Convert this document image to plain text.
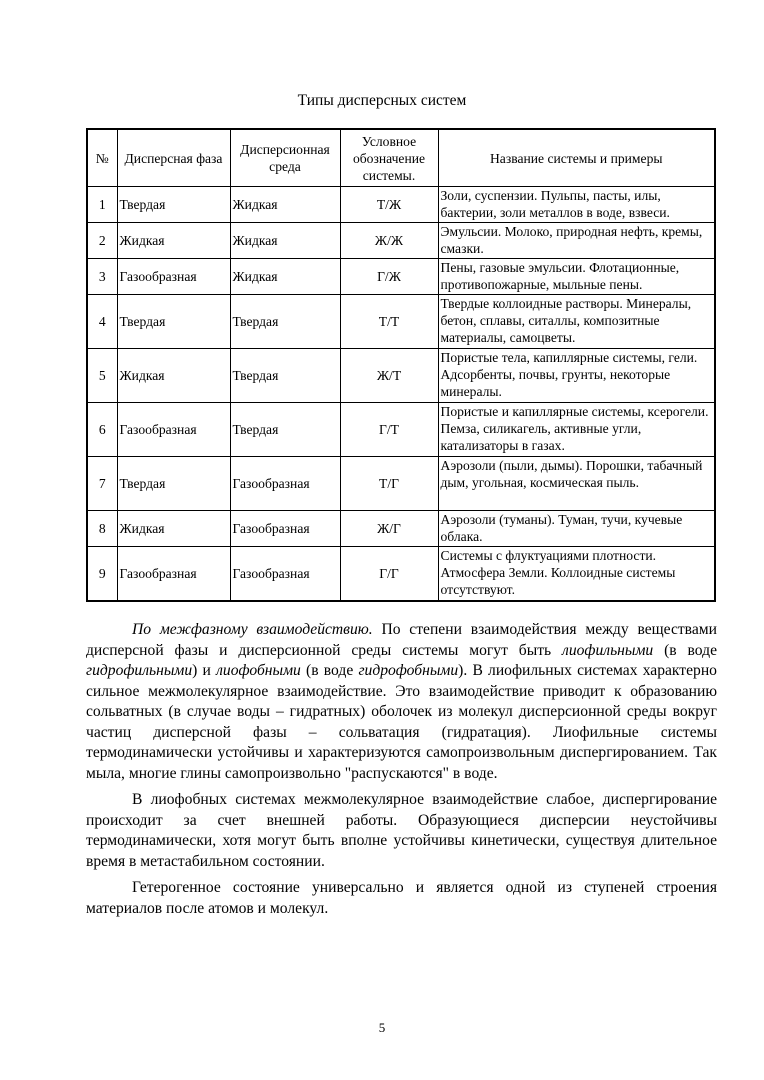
Типы дисперсных систем
№	Дисперсная фаза	Дисперсионная среда	Условное обозначение системы.	Название системы и примеры
1	Твердая	Жидкая	Т/Ж	Золи, суспензии. Пульпы, пасты, илы, бактерии, золи металлов в воде, взвеси.
2	Жидкая	Жидкая	Ж/Ж	Эмульсии. Молоко, природная нефть, кремы, смазки.
3	Газообразная	Жидкая	Г/Ж	Пены, газовые эмульсии. Флотационные, противопожарные, мыльные пены.
4	Твердая	Твердая	Т/Т	Твердые коллоидные растворы. Минералы, бетон, сплавы, ситаллы, композитные материалы, самоцветы.
5	Жидкая	Твердая	Ж/Т	Пористые тела, капиллярные системы, гели. Адсорбенты, почвы, грунты, некоторые минералы.
6	Газообразная	Твердая	Г/Т	Пористые и капиллярные системы, ксерогели. Пемза, силикагель, активные угли, катализаторы в газах.
7	Твердая	Газообразная	Т/Г	Аэрозоли (пыли, дымы). Порошки, табачный дым, угольная, космическая пыль.
8	Жидкая	Газообразная	Ж/Г	Аэрозоли (туманы). Туман, тучи, кучевые облака.
9	Газообразная	Газообразная	Г/Г	Системы с флуктуациями плотности. Атмосфера Земли. Коллоидные системы отсутствуют.

По межфазному взаимодействию. По степени взаимодействия между веществами дисперсной фазы и дисперсионной среды системы могут быть лиофильными (в воде гидрофильными) и лиофобными (в воде гидрофобными). В лиофильных системах характерно сильное межмолекулярное взаимодействие. Это взаимодействие приводит к образованию сольватных (в случае воды – гидратных) оболочек из молекул дисперсионной среды вокруг частиц дисперсной фазы – сольватация (гидратация). Лиофильные системы термодинамически устойчивы и характеризуются самопроизвольным диспергированием. Так мыла, многие глины самопроизвольно "распускаются" в воде.

В лиофобных системах межмолекулярное взаимодействие слабое, диспергирование происходит за счет внешней работы. Образующиеся дисперсии неустойчивы термодинамически, хотя могут быть вполне устойчивы кинетически, существуя длительное время в метастабильном состоянии.

Гетерогенное состояние универсально и является одной из ступеней строения материалов после атомов и молекул.

5
